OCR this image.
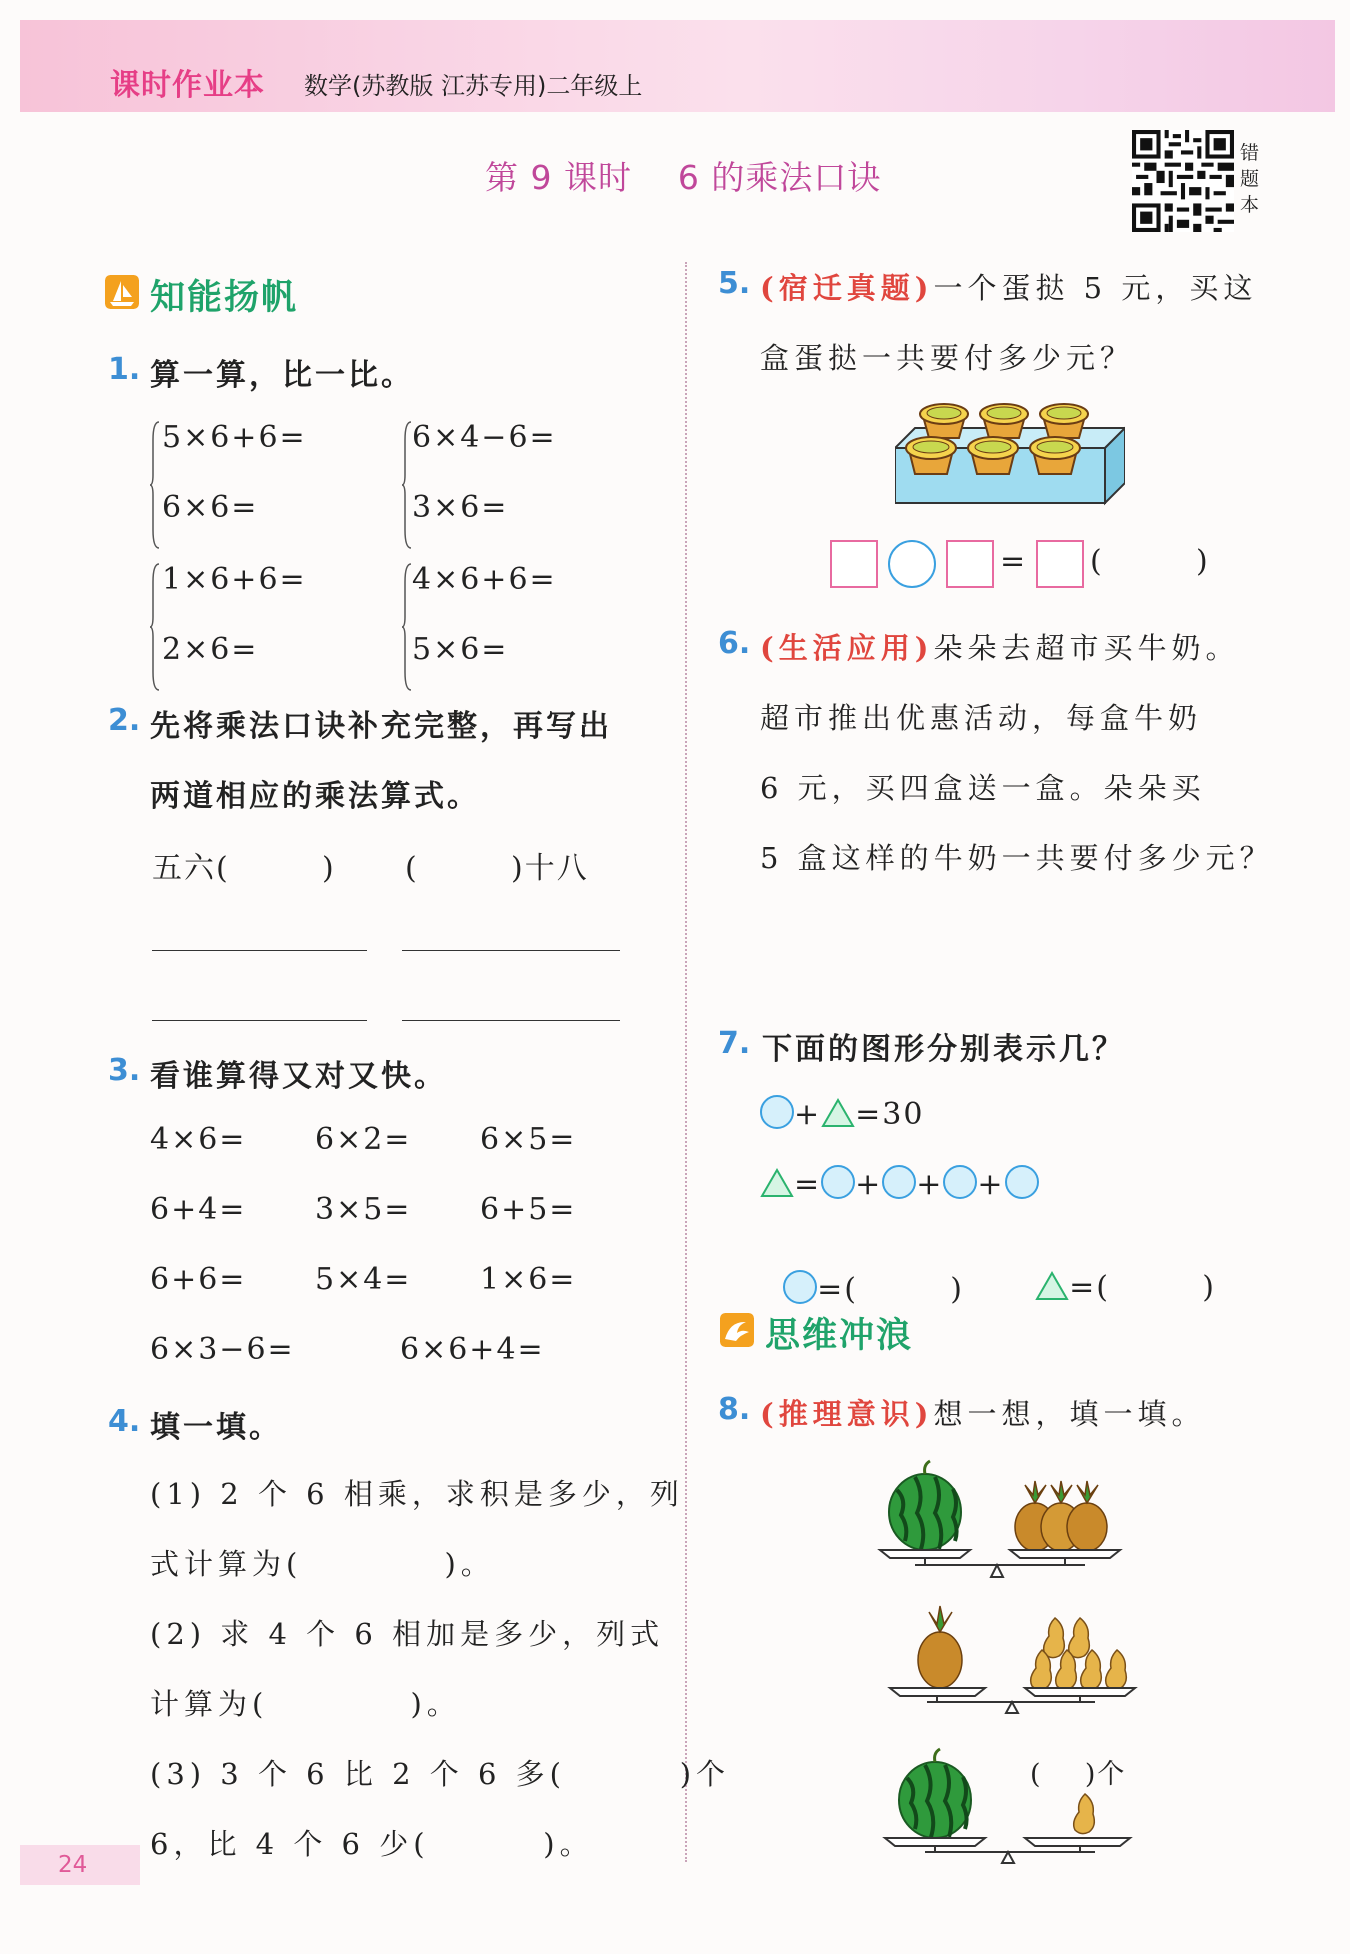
课时作业本 数学(苏教版 江苏专用)二年级上
第 9 课时    6 的乘法口诀
错题本
知能扬帆
1. 算一算，比一比。
5×6+6=
6×6=
6×4−6=
3×6=
1×6+6=
2×6=
4×6+6=
5×6=
2. 先将乘法口诀补充完整，再写出
两道相应的乘法算式。
五六(        ) (        )十八
3. 看谁算得又对又快。
4×6= 6×2= 6×5=
6+4= 3×5= 6+5=
6+6= 5×4= 1×6=
6×3−6=	6×6+4=
4. 填一填。
(1) 2 个 6 相乘，求积是多少，列
式计算为(          )。
(2) 求 4 个 6 相加是多少，列式
计算为(          )。
(3) 3 个 6 比 2 个 6 多(        )个
6，比 4 个 6 少(        )。
24
5. (宿迁真题)一个蛋挞 5 元，买这
盒蛋挞一共要付多少元？
= (        )
6. (生活应用)朵朵去超市买牛奶。
超市推出优惠活动，每盒牛奶
6 元，买四盒送一盒。朵朵买
5 盒这样的牛奶一共要付多少元？
7. 下面的图形分别表示几？
+ =30
= + + +

=(        )	=(        )

思维冲浪
8. (推理意识)想一想，填一填。
(    )个
